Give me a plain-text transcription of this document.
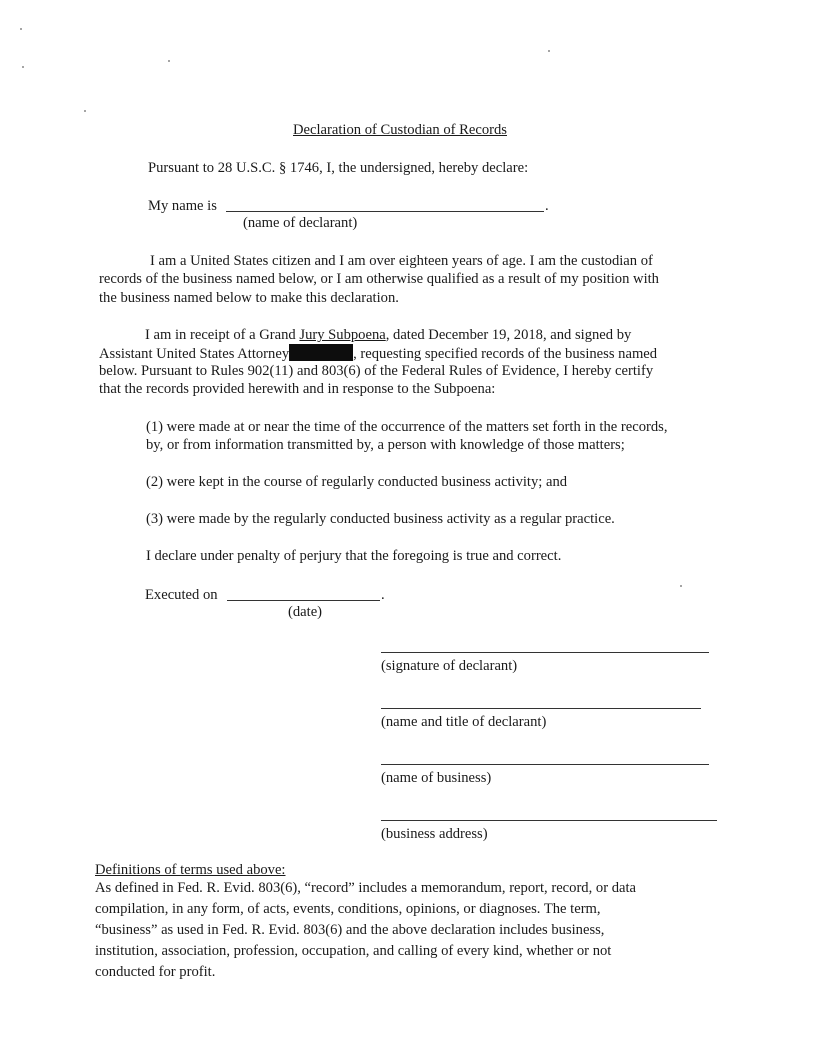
Declaration of Custodian of Records
Pursuant to 28 U.S.C. § 1746, I, the undersigned, hereby declare:
My name is	.
(name of declarant)
I am a United States citizen and I am over eighteen years of age. I am the custodian of
records of the business named below, or I am otherwise qualified as a result of my position with
the business named below to make this declaration.
I am in receipt of a Grand Jury Subpoena, dated December 19, 2018, and signed by
Assistant United States Attorney	, requesting specified records of the business named
below. Pursuant to Rules 902(11) and 803(6) of the Federal Rules of Evidence, I hereby certify
that the records provided herewith and in response to the Subpoena:
(1) were made at or near the time of the occurrence of the matters set forth in the records,
by, or from information transmitted by, a person with knowledge of those matters;
(2) were kept in the course of regularly conducted business activity; and
(3) were made by the regularly conducted business activity as a regular practice.
I declare under penalty of perjury that the foregoing is true and correct.
Executed on	.
(date)
(signature of declarant)
(name and title of declarant)
(name of business)
(business address)
Definitions of terms used above:
As defined in Fed. R. Evid. 803(6), “record” includes a memorandum, report, record, or data
compilation, in any form, of acts, events, conditions, opinions, or diagnoses. The term,
“business” as used in Fed. R. Evid. 803(6) and the above declaration includes business,
institution, association, profession, occupation, and calling of every kind, whether or not
conducted for profit.
